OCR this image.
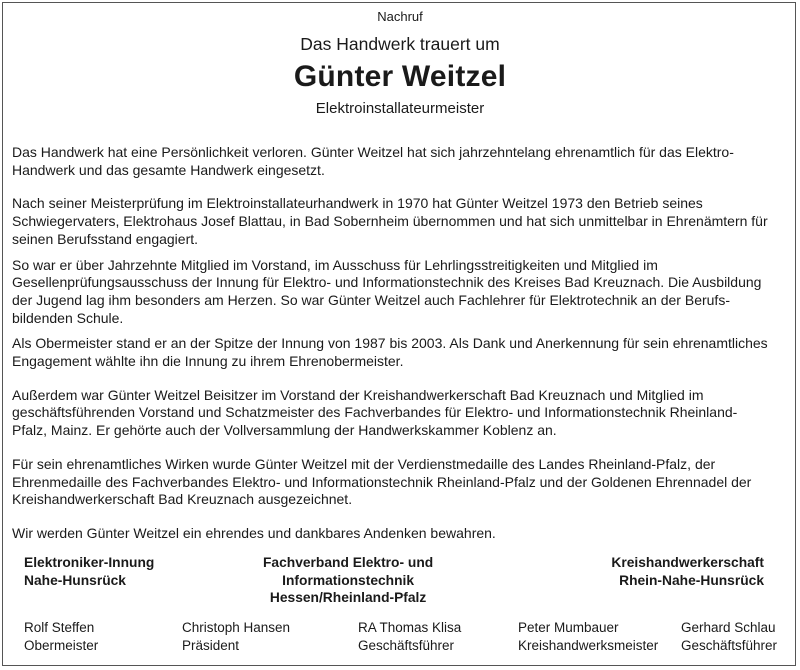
Nachruf
Das Handwerk trauert um
Günter Weitzel
Elektroinstallateurmeister

Das Handwerk hat eine Persönlichkeit verloren. Günter Weitzel hat sich jahrzehntelang ehrenamtlich für das Elektro-
Handwerk und das gesamte Handwerk eingesetzt.

Nach seiner Meisterprüfung im Elektroinstallateurhandwerk in 1970 hat Günter Weitzel 1973 den Betrieb seines
Schwiegervaters, Elektrohaus Josef Blattau, in Bad Sobernheim übernommen und hat sich unmittelbar in Ehrenämtern für
seinen Berufsstand engagiert.

So war er über Jahrzehnte Mitglied im Vorstand, im Ausschuss für Lehrlingsstreitigkeiten und Mitglied im
Gesellenprüfungsausschuss der Innung für Elektro- und Informationstechnik des Kreises Bad Kreuznach. Die Ausbildung
der Jugend lag ihm besonders am Herzen. So war Günter Weitzel auch Fachlehrer für Elektrotechnik an der Berufs-
bildenden Schule.

Als Obermeister stand er an der Spitze der Innung von 1987 bis 2003. Als Dank und Anerkennung für sein ehrenamtliches
Engagement wählte ihn die Innung zu ihrem Ehrenobermeister.

Außerdem war Günter Weitzel Beisitzer im Vorstand der Kreishandwerkerschaft Bad Kreuznach und Mitglied im
geschäftsführenden Vorstand und Schatzmeister des Fachverbandes für Elektro- und Informationstechnik Rheinland-
Pfalz, Mainz. Er gehörte auch der Vollversammlung der Handwerkskammer Koblenz an.

Für sein ehrenamtliches Wirken wurde Günter Weitzel mit der Verdienstmedaille des Landes Rheinland-Pfalz, der
Ehrenmedaille des Fachverbandes Elektro- und Informationstechnik Rheinland-Pfalz und der Goldenen Ehrennadel der
Kreishandwerkerschaft Bad Kreuznach ausgezeichnet.

Wir werden Günter Weitzel ein ehrendes und dankbares Andenken bewahren.

Elektroniker-Innung
Nahe-Hunsrück
Fachverband Elektro- und
Informationstechnik
Hessen/Rheinland-Pfalz
Kreishandwerkerschaft
Rhein-Nahe-Hunsrück
Rolf Steffen
Obermeister
Christoph Hansen
Präsident
RA Thomas Klisa
Geschäftsführer
Peter Mumbauer
Kreishandwerksmeister
Gerhard Schlau
Geschäftsführer
